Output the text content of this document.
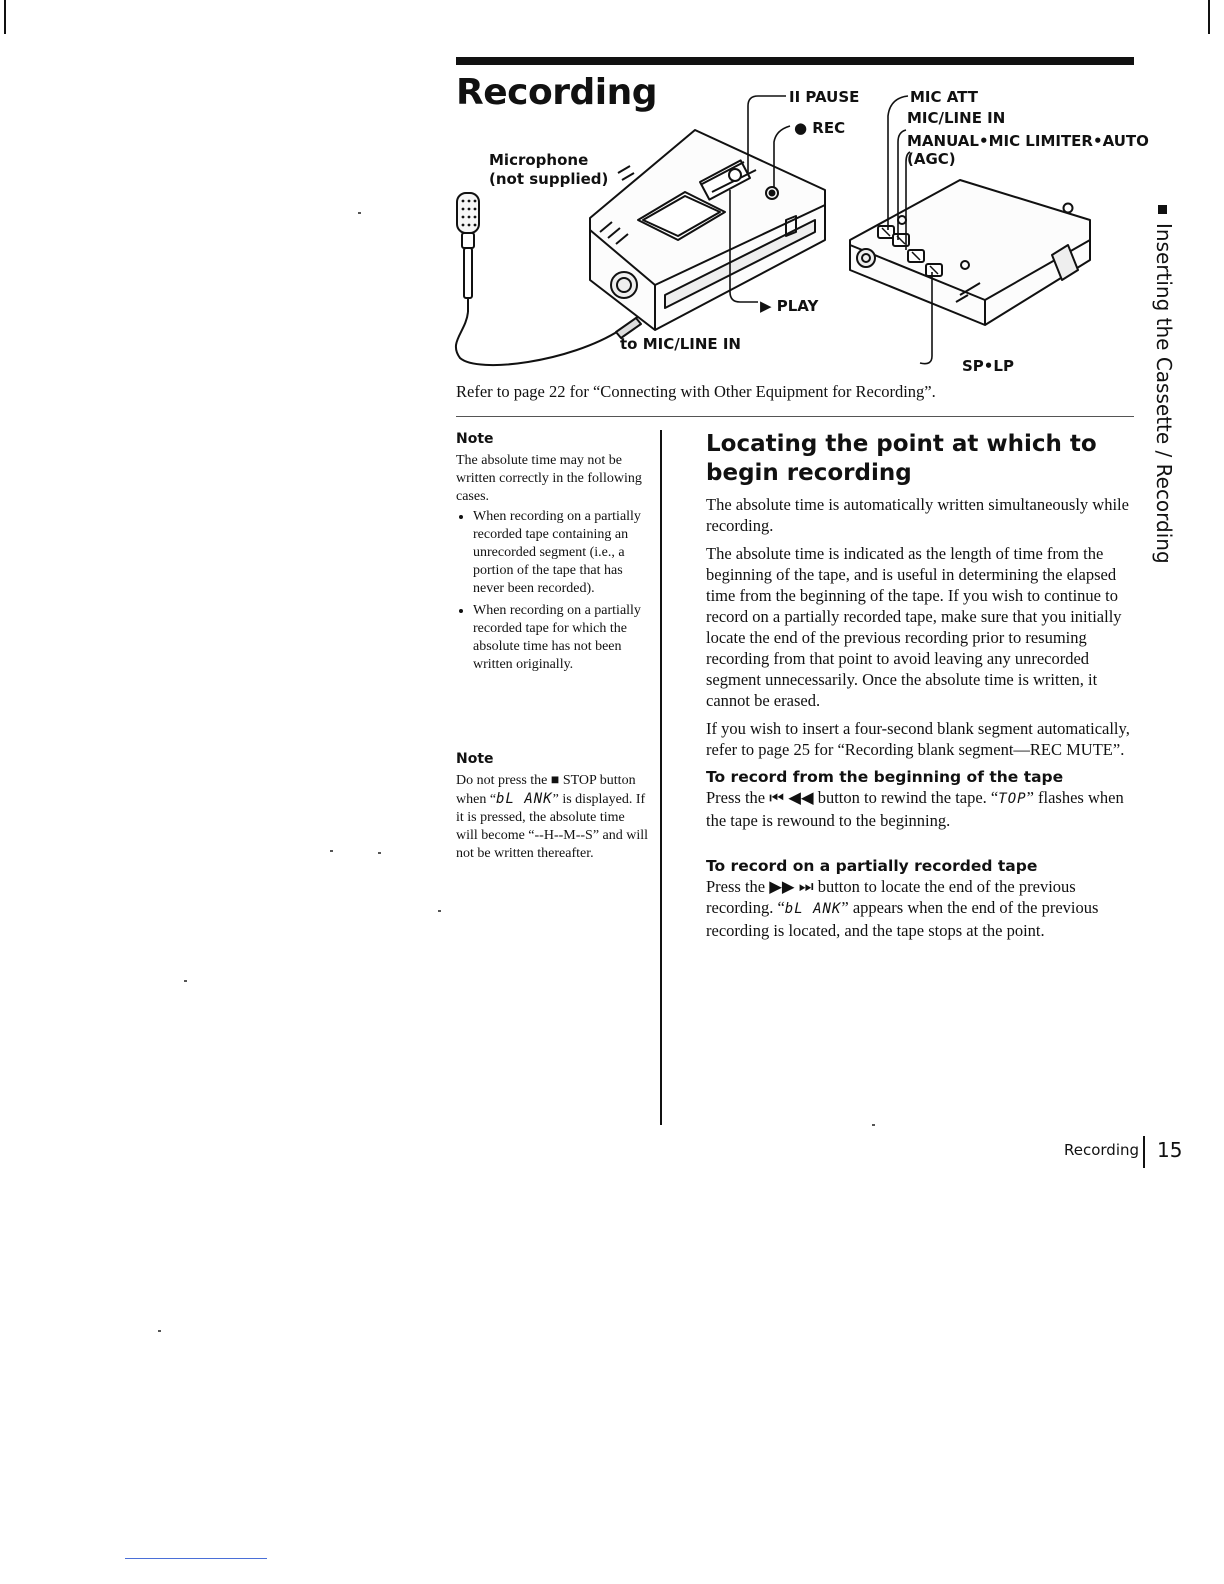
Recording	II PAUSE
● REC
▶ PLAY
MIC ATT
MIC/LINE IN
MANUAL•MIC LIMITER•AUTO
(AGC)
SP•LP
Microphone
(not supplied)
to MIC/LINE IN
Refer to page 22 for “Connecting with Other Equipment for Recording”.
Note

The absolute time may not be written correctly in the following cases.

• When recording on a partially recorded tape containing an unrecorded segment (i.e., a portion of the tape that has never been recorded).
• When recording on a partially recorded tape for which the absolute time has not been written originally.
Note

Do not press the ■ STOP button when “bL ANK” is displayed. If it is pressed, the absolute time will become “--H--M--S” and will not be written thereafter.

Locating the point at which to begin recording

The absolute time is automatically written simultaneously while recording.

The absolute time is indicated as the length of time from the beginning of the tape, and is useful in determining the elapsed time from the beginning of the tape. If you wish to continue to record on a partially recorded tape, make sure that you initially locate the end of the previous recording prior to resuming recording from that point to avoid leaving any unrecorded segment unnecessarily. Once the absolute time is written, it cannot be erased.

If you wish to insert a four-second blank segment automatically, refer to page 25 for “Recording blank segment—REC MUTE”.

To record from the beginning of the tape

Press the ⏮ ◀◀ button to rewind the tape. “TOP” flashes when the tape is rewound to the beginning.

To record on a partially recorded tape

Press the ▶▶ ⏭ button to locate the end of the previous recording. “bL ANK” appears when the end of the previous recording is located, and the tape stops at the point.

Inserting the Cassette / Recording
Recording 15
